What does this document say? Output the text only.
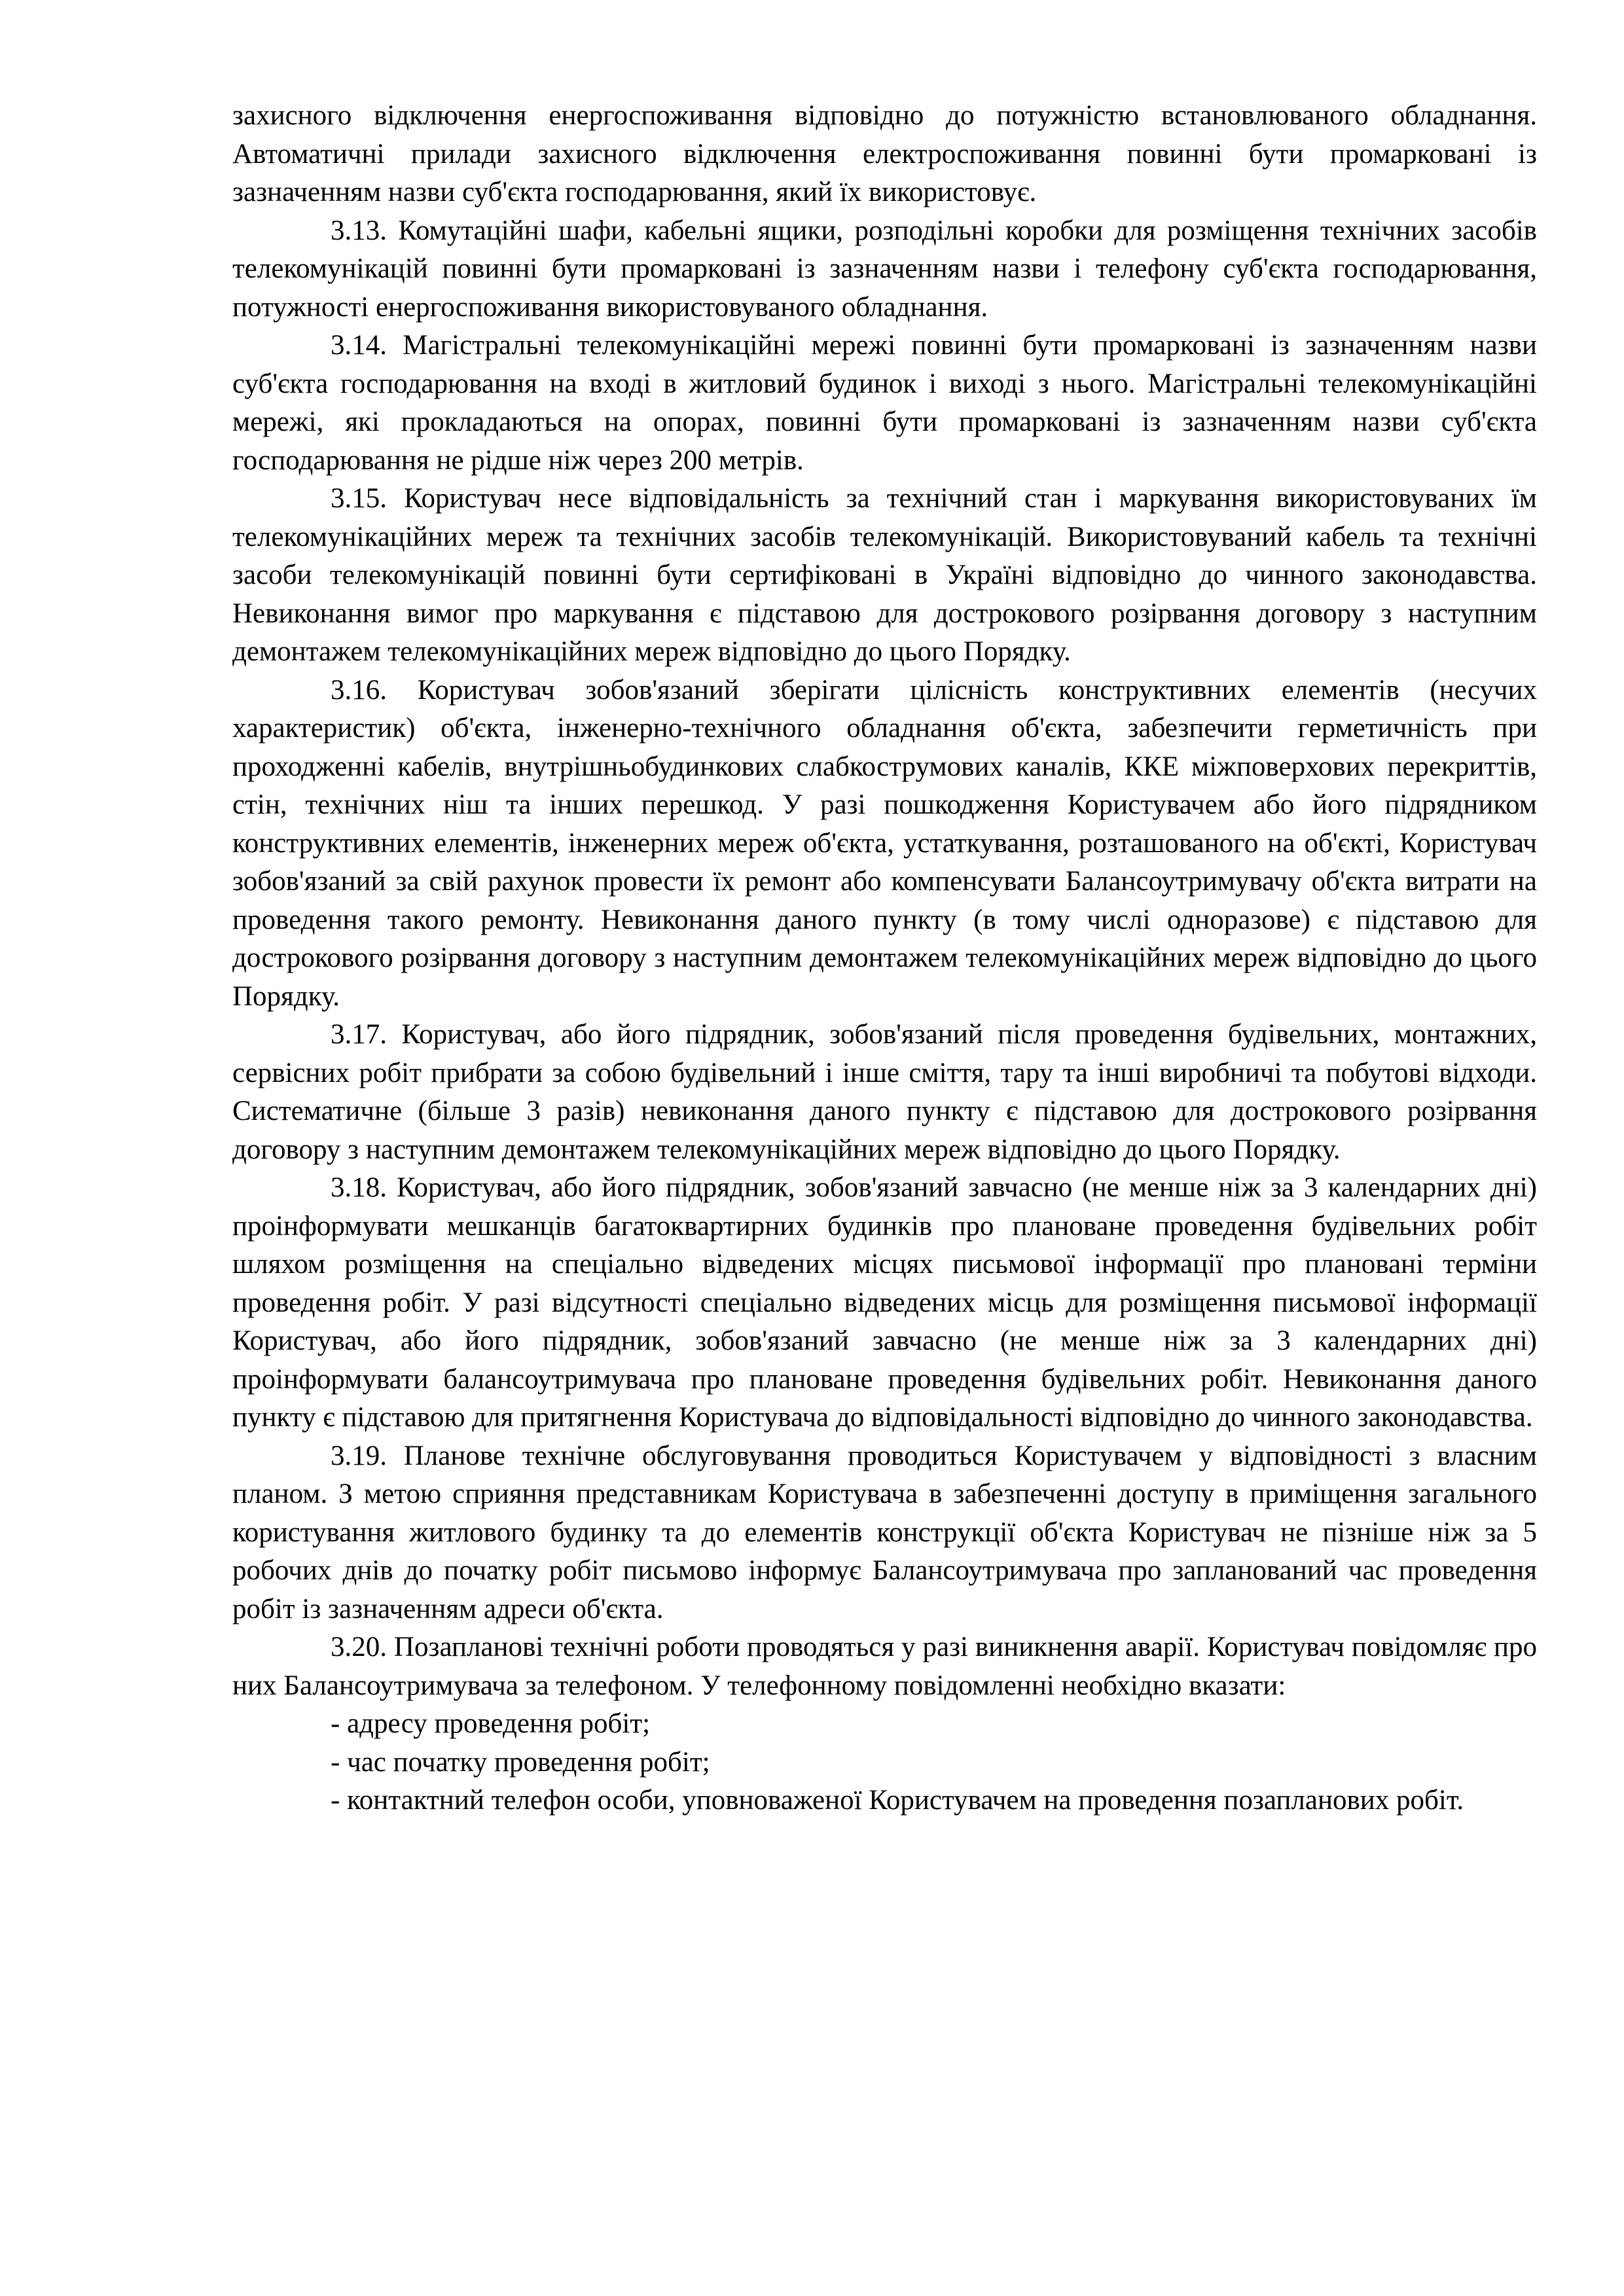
захисного відключення енергоспоживання відповідно до потужністю встановлюваного обладнання. Автоматичні прилади захисного відключення електроспоживання повинні бути промарковані із зазначенням назви суб'єкта господарювання, який їх використовує.

3.13. Комутаційні шафи, кабельні ящики, розподільні коробки для розміщення технічних засобів телекомунікацій повинні бути промарковані із зазначенням назви і телефону суб'єкта господарювання, потужності енергоспоживання використовуваного обладнання.

3.14. Магістральні телекомунікаційні мережі повинні бути промарковані із зазначенням назви суб'єкта господарювання на вході в житловий будинок і виході з нього. Магістральні телекомунікаційні мережі, які прокладаються на опорах, повинні бути промарковані із зазначенням назви суб'єкта господарювання не рідше ніж через 200 метрів.

3.15. Користувач несе відповідальність за технічний стан і маркування використовуваних їм телекомунікаційних мереж та технічних засобів телекомунікацій. Використовуваний кабель та технічні засоби телекомунікацій повинні бути сертифіковані в Україні відповідно до чинного законодавства. Невиконання вимог про маркування є підставою для дострокового розірвання договору з наступним демонтажем телекомунікаційних мереж відповідно до цього Порядку.

3.16. Користувач зобов'язаний зберігати цілісність конструктивних елементів (несучих характеристик) об'єкта, інженерно-технічного обладнання об'єкта, забезпечити герметичність при проходженні кабелів, внутрішньобудинкових слабкострумових каналів, ККЕ міжповерхових перекриттів, стін, технічних ніш та інших перешкод. У разі пошкодження Користувачем або його підрядником конструктивних елементів, інженерних мереж об'єкта, устаткування, розташованого на об'єкті, Користувач зобов'язаний за свій рахунок провести їх ремонт або компенсувати Балансоутримувачу об'єкта витрати на проведення такого ремонту. Невиконання даного пункту (в тому числі одноразове) є підставою для дострокового розірвання договору з наступним демонтажем телекомунікаційних мереж відповідно до цього Порядку.

3.17. Користувач, або його підрядник, зобов'язаний після проведення будівельних, монтажних, сервісних робіт прибрати за собою будівельний і інше сміття, тару та інші виробничі та побутові відходи. Систематичне (більше 3 разів) невиконання даного пункту є підставою для дострокового розірвання договору з наступним демонтажем телекомунікаційних мереж відповідно до цього Порядку.

3.18. Користувач, або його підрядник, зобов'язаний завчасно (не менше ніж за 3 календарних дні) проінформувати мешканців багатоквартирних будинків про плановане проведення будівельних робіт шляхом розміщення на спеціально відведених місцях письмової інформації про плановані терміни проведення робіт. У разі відсутності спеціально відведених місць для розміщення письмової інформації Користувач, або його підрядник, зобов'язаний завчасно (не менше ніж за 3 календарних дні) проінформувати балансоутримувача про плановане проведення будівельних робіт. Невиконання даного пункту є підставою для притягнення Користувача до відповідальності відповідно до чинного законодавства.

3.19. Планове технічне обслуговування проводиться Користувачем у відповідності з власним планом. З метою сприяння представникам Користувача в забезпеченні доступу в приміщення загального користування житлового будинку та до елементів конструкції об'єкта Користувач не пізніше ніж за 5 робочих днів до початку робіт письмово інформує Балансоутримувача про запланований час проведення робіт із зазначенням адреси об'єкта.

3.20. Позапланові технічні роботи проводяться у разі виникнення аварії. Користувач повідомляє про них Балансоутримувача за телефоном. У телефонному повідомленні необхідно вказати:

- адресу проведення робіт;

- час початку проведення робіт;

- контактний телефон особи, уповноваженої Користувачем на проведення позапланових робіт.
